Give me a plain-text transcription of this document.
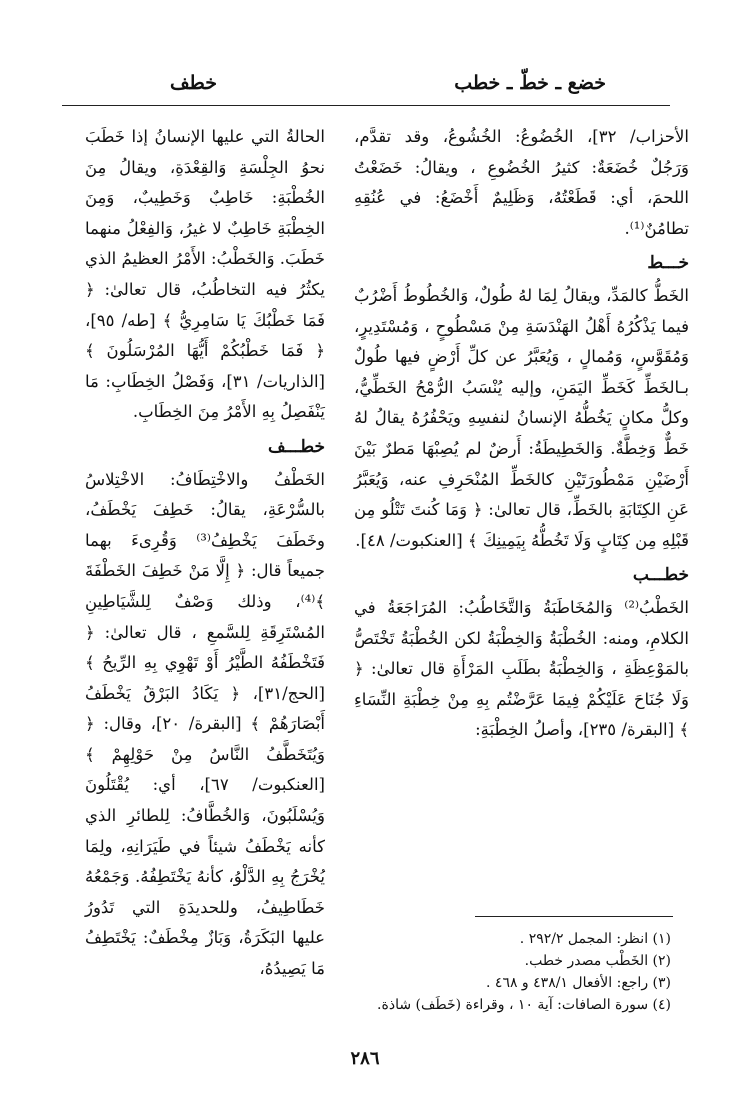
خضع ـ خطّ ـ خطب
خطف

الأحزاب/ ٣٢]، الخُضُوعُ: الخُشُوعُ، وقد تقدَّم، وَرَجُلٌ خُضَعَةٌ: كثيرُ الخُضُوعِ ، ويقالُ: خَضَعْتُ اللحمَ، أي: قَطَعْتُهُ، وَظَلِيمٌ أَخْضَعُ: في عُنُقِهِ تطامُنٌ⁽¹⁾.

خـــط

الخَطُّ كالمَدِّ، ويقالُ لِمَا لهُ طُولٌ، وَالخُطُوطُ أَضْرُبٌ فيما يَذْكُرُهُ أَهْلُ الهَنْدَسَةِ مِنْ مَسْطُوحٍ ، وَمُسْتَدِيرٍ، وَمُقَوَّسٍ، وَمُمالٍ ، وَيُعَبَّرُ عن كلِّ أَرْضٍ فيها طُولٌ بـالخَطِّ كَخَطِّ اليَمَنِ، وإليه يُنْسَبُ الرُّمْحُ الخَطِّيُّ، وكلُّ مكانٍ يَخُطُّهُ الإنسانُ لنفسِهِ ويَحْفُرُهُ يقالُ لهُ خَطٌّ وَخِطَّةٌ. وَالخَطِيطَةُ: أَرضٌ لم يُصِبْهَا مَطرٌ بَيْنَ أَرْضَيْنِ مَمْطُورَتَيْنِ كالخَطِّ المُنْحَرِفِ عنه، وَيُعَبَّرُ عَنِ الكِتَابَةِ بالخَطِّ، قال تعالىٰ: ﴿ وَمَا كُنتَ تَتْلُو مِن قَبْلِهِ مِن كِتَابٍ وَلَا تَخُطُّهُ بِيَمِينِكَ ﴾ [العنكبوت/ ٤٨].

خطـــب

الخَطْبُ⁽²⁾ وَالمُخَاطَبَةُ وَالتَّخَاطُبُ: المُرَاجَعَةُ في الكلامِ، ومنه: الخُطْبَةُ وَالخِطْبَةُ لكن الخُطْبَةُ تَخْتَصُّ بالمَوْعِظَةِ ، وَالخِطْبَةُ بطَلَبِ المَرْأَةِ قال تعالىٰ: ﴿ وَلَا جُنَاحَ عَلَيْكُمْ فِيمَا عَرَّضْتُم بِهِ مِنْ خِطْبَةِ النِّسَاءِ ﴾ [البقرة/ ٢٣٥]، وأصلُ الخِطْبَةِ:

الحالةُ التي عليها الإنسانُ إذا خَطَبَ نحوُ الجِلْسَةِ وَالقِعْدَةِ، ويقالُ مِنَ الخُطْبَةِ: خَاطِبٌ وَخَطِيبٌ، وَمِنَ الخِطْبَةِ خَاطِبٌ لا غيرُ، وَالفِعْلُ منهما خَطَبَ. وَالخَطْبُ: الأَمْرُ العظيمُ الذي يكثُرُ فيه التخاطُبُ، قال تعالىٰ: ﴿ فَمَا خَطْبُكَ يَا سَامِرِيُّ ﴾ [طه/ ٩٥]، ﴿ فَمَا خَطْبُكُمْ أَيُّهَا المُرْسَلُونَ ﴾ [الذاريات/ ٣١]، وَفَصْلُ الخِطَابِ: مَا يَنْفَصِلُ بِهِ الأَمْرُ مِنَ الخِطَابِ.

خطـــف

الخَطْفُ والاخْتِطَافُ: الاخْتِلاسُ بالسُّرْعَةِ، يقالُ: خَطِفَ يَخْطَفُ، وخَطَفَ يَخْطِفُ⁽³⁾ وَقُرِىءَ بهما جميعاً قال: ﴿ إِلَّا مَنْ خَطِفَ الخَطْفَةَ ﴾⁽⁴⁾، وذلك وَصْفٌ لِلشَّيَاطِينِ المُسْتَرِقَةِ لِلسَّمعِ ، قال تعالىٰ: ﴿ فَتَخْطَفُهُ الطَّيْرُ أَوْ تَهْوِي بِهِ الرِّيحُ ﴾ [الحج/٣١]، ﴿ يَكَادُ البَرْقُ يَخْطَفُ أَبْصَارَهُمْ ﴾ [البقرة/ ٢٠]، وقال: ﴿ وَيُتَخَطَّفُ النَّاسُ مِنْ حَوْلِهِمْ ﴾ [العنكبوت/ ٦٧]، أي: يُقْتَلُونَ وَيُسْلَبُونَ، وَالخُطَّافُ: لِلطائرِ الذي كأنه يَخْطَفُ شيئاً في طَيَرَانِهِ، ولِمَا يُخْرَجُ بِهِ الدَّلْوُ، كأنهُ يَخْتَطِفُهُ. وَجَمْعُهُ خَطَاطِيفُ، وللحديدَةِ التي تَدُورُ عليها البَكَرَةُ، وَبَازٌ مِخْطَفٌ: يَخْتَطِفُ مَا يَصِيدُهُ،

(١) انظر: المجمل ٢٩٢/٢ .
(٢) الخَطْب مصدر خطب.
(٣) راجع: الأفعال ٤٣٨/١ و ٤٦٨ .
(٤) سورة الصافات: آية ١٠ ، وقراءة (خَطَف) شاذة.
٢٨٦
